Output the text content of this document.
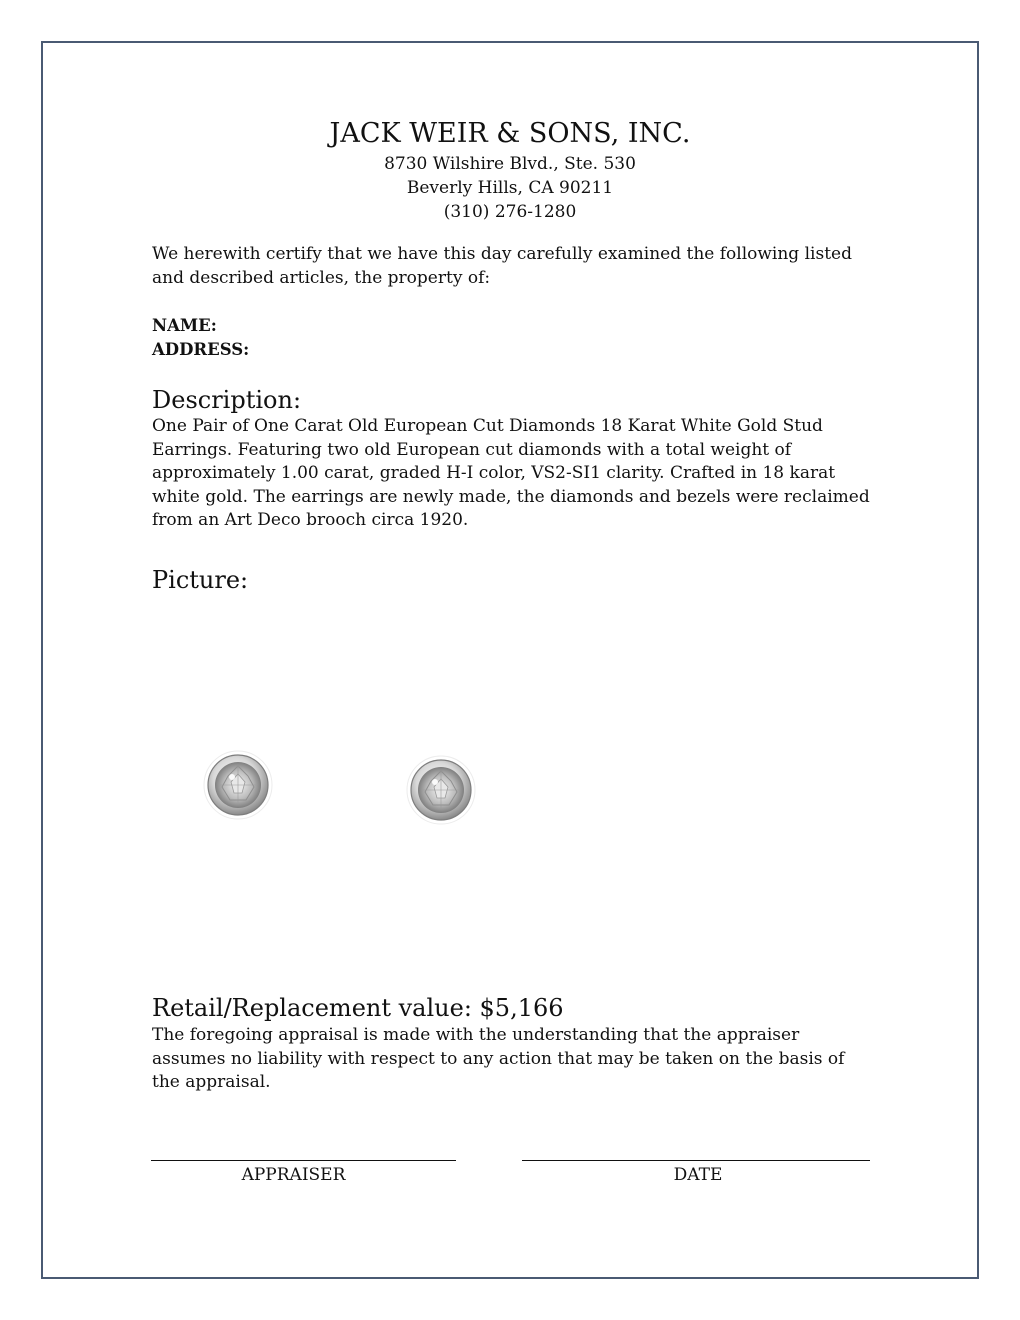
JACK WEIR & SONS, INC.
8730 Wilshire Blvd., Ste. 530
Beverly Hills, CA 90211
(310) 276-1280
We herewith certify that we have this day carefully examined the following listed and described articles, the property of:
NAME:
ADDRESS:
Description:
One Pair of One Carat Old European Cut Diamonds 18 Karat White Gold Stud Earrings. Featuring two old European cut diamonds with a total weight of approximately 1.00 carat, graded H-I color, VS2-SI1 clarity. Crafted in 18 karat white gold. The earrings are newly made, the diamonds and bezels were reclaimed from an Art Deco brooch circa 1920.
Picture:
Retail/Replacement value: $5,166
The foregoing appraisal is made with the understanding that the appraiser assumes no liability with respect to any action that may be taken on the basis of the appraisal.
APPRAISER	DATE
